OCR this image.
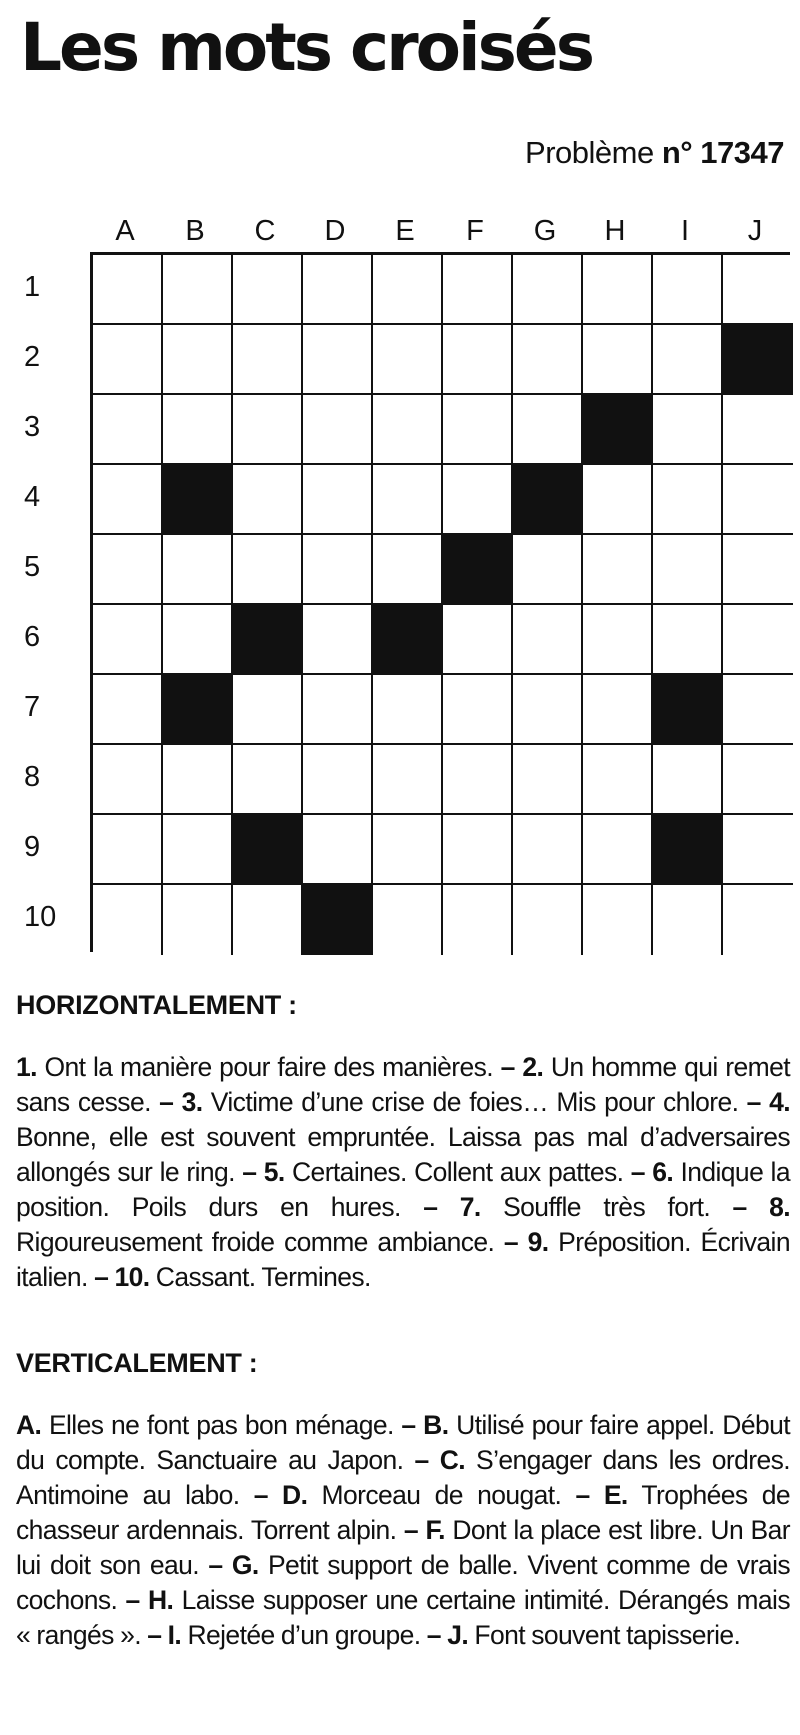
Les mots croisés
Problème n° 17347
A	B	C	D	E	F	G	H	I	J
1
2
3
4
5
6
7
8
9
10
HORIZONTALEMENT :
1. Ont la manière pour faire des manières. – 2. Un homme qui remet sans cesse. – 3. Victime d’une crise de foies… Mis pour chlore. – 4. Bonne, elle est souvent empruntée. Laissa pas mal d’adversaires allongés sur le ring. – 5. Certaines. Collent aux pattes. – 6. Indique la position. Poils durs en hures. – 7. Souffle très fort. – 8. Rigoureusement froide comme ambiance. – 9. Préposition. Écrivain italien. – 10. Cassant. Termines.
VERTICALEMENT :
A. Elles ne font pas bon ménage. – B. Utilisé pour faire appel. Début du compte. Sanctuaire au Japon. – C. S’engager dans les ordres. Antimoine au labo. – D. Morceau de nougat. – E. Trophées de chasseur ardennais. Torrent alpin. – F. Dont la place est libre. Un Bar lui doit son eau. – G. Petit support de balle. Vivent comme de vrais cochons. – H. Laisse supposer une certaine intimité. Dérangés mais « rangés ». – I. Rejetée d’un groupe. – J. Font souvent tapisserie.
